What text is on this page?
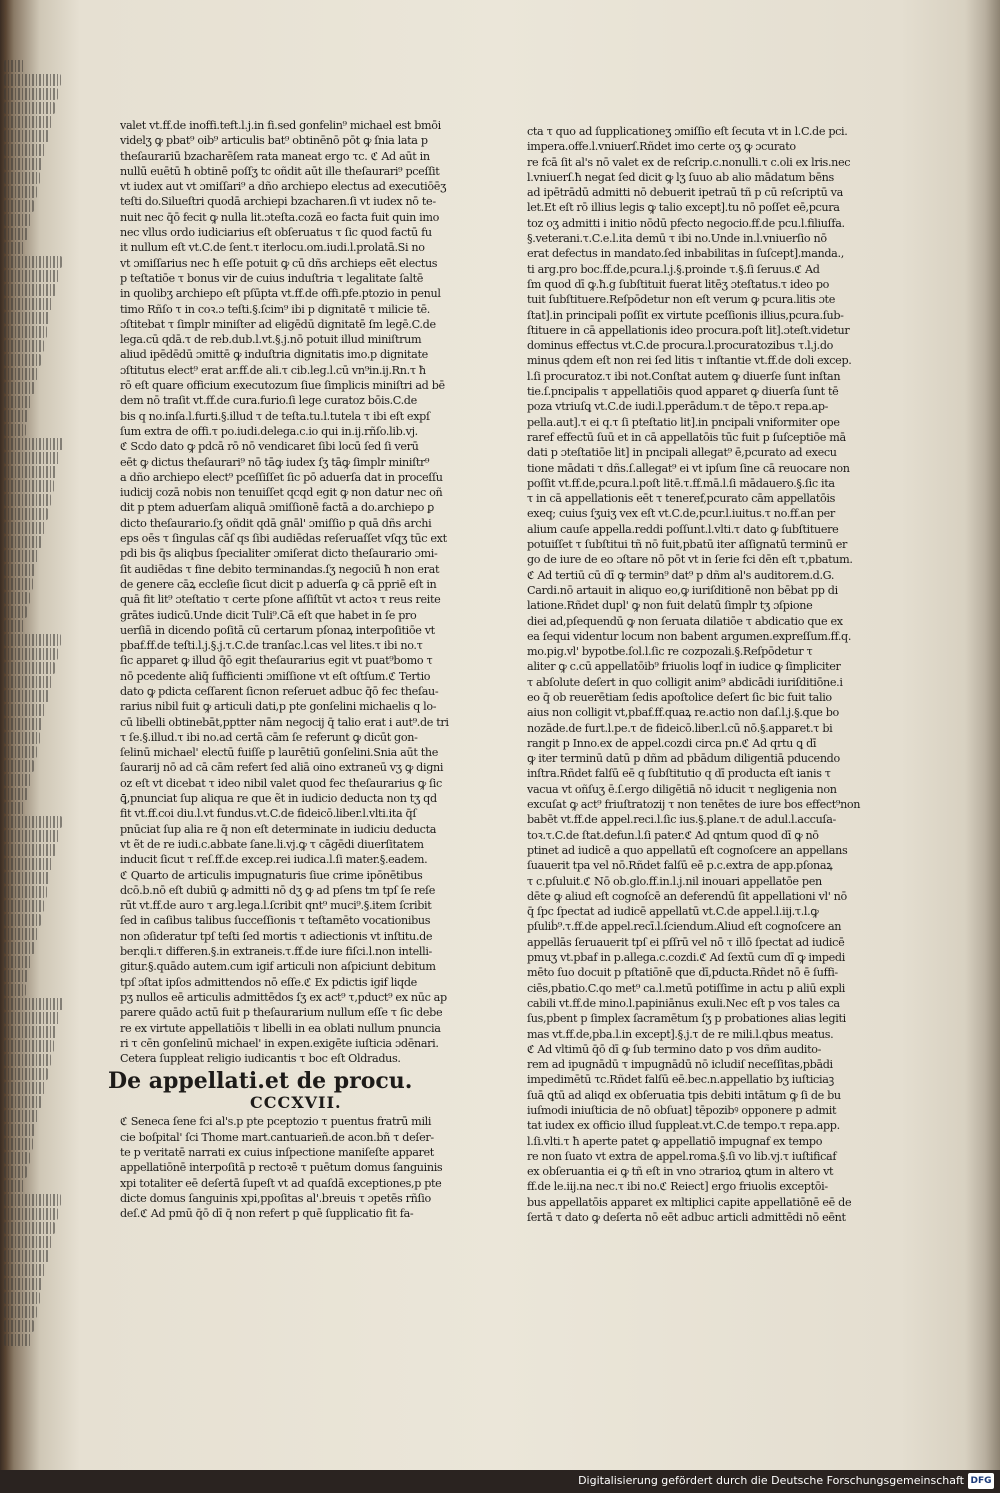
valet vt.ff.de inoffi.teft.l.j.in fi.sed gonfelin⁹ michael est bmōi
videlʒ ꝙ pbat⁹ oib⁹ articulis bat⁹ obtinēnō pōt ꝙ ſnia lata p
theſaurariū bzacharēſem rata maneat ergo τc. ℭ Ad aūt in
nullū euētū ħ obtinē poſſʒ tc oñdit aūt ille theſaurari⁹ pceſſit
vt iudex aut vt ɔmiſſari⁹ a dño archiepo electus ad executiōēʒ
teſti do.Silueſtri quodā archiepi bzacharen.ſi vt iudex nō te-
nuit nec q̄ō fecit ꝙ nulla lit.ɔteſta.cozā eo facta fuit quin imo
nec vllus ordo iudiciarius eſt obſeruatus τ ſic quod factū fu
it nullum eſt vt.C.de ſent.τ iterlocu.om.iudi.l.prolatā.Si no
vt ɔmiſſarius nec ħ eſſe potuit ꝙ cū dñs archieps eēt electus
p teſtatiōe τ bonus vir de cuius induſtria τ legalitate ſaltē
in quolibʒ archiepo eſt pſūpta vt.ff.de offi.pfe.ptozio in penul
timo Rñſo τ in coꝛ.ɔ teſti.§.ſcim⁹ ibi p dignitatē τ milicie tē.
ɔſtitebat τ ſimplr miniſter ad eligēdū dignitatē ſm legē.C.de
lega.cū qdā.τ de reb.dub.l.vt.§.j.nō potuit illud miniſtrum
aliud ipēdēdū ɔmittē ꝙ induſtria dignitatis imo.p dignitate
ɔſtitutus elect⁹ erat ar.ff.de ali.τ cib.leg.l.cū vn⁹in.ij.Rn.τ ħ
rō eſt quare officium executozum ſiue ſimplicis miniſtri ad bē
dem nō traſit vt.ff.de cura.furio.ſi lege curatoz bōis.C.de
bis q no.inſa.l.furti.§.illud τ de teſta.tu.l.tutela τ ibi eſt expſ
ſum extra de offi.τ po.iudi.delega.c.io qui in.ij.rñſo.lib.vj.
ℭ Scdo dato ꝙ pdcā rō nō vendicaret ſibi locū ſed ſi verū
eēt ꝙ dictus theſaurari⁹ nō tāꝙ iudex ſʒ tāꝙ ſimplr miniſtr⁹
a dño archiepo elect⁹ pceſſiſſet ſic pō aduerſa dat in proceſſu
iudicij cozā nobis non tenuiſſet qcqd egit ꝙ non datur nec oñ
dit p ptem aduerſam aliquā ɔmiſſionē factā a do.archiepo ꝑ
dicto theſaurario.ſʒ oñdit qdā gnāl' ɔmiſſio p quā dñs archi
eps oēs τ ſingulas cāſ qs ſibi audiēdas reſeruaſſet vſqʒ tūc ext
pdi bis q̄s aliqbus ſpecialiter ɔmiſerat dicto theſaurario ɔmi-
ſit audiēdas τ fine debito terminandas.ſʒ negociū ħ non erat
de genere cāꝝ eccleſie ſicut dicit p aduerſa ꝙ cā ppriē eſt in
quā fit lit⁹ ɔteſtatio τ certe pſone aſſiſtūt vt actoꝛ τ reus reite
grātes iudicū.Unde dicit Tuli⁹.Cā eſt que habet in ſe pro
uerſiā in dicendo poſitā cū certarum pſonaꝝ interpoſitiōe vt
pbaf.ff.de teſti.l.j.§.j.τ.C.de tranſac.l.cas vel lites.τ ibi no.τ
ſic apparet ꝙ illud q̄ō egit theſaurarius egit vt puat⁹bomo τ
nō pcedente aliq̄ ſufficienti ɔmiſſione vt eſt oſtſum.ℭ Tertio
dato ꝙ pdicta ceſſarent ſicnon reſeruet adbuc q̄ō fec theſau-
rarius nibil fuit ꝙ articuli dati,p pte gonſelini michaelis q lo-
cū libelli obtinebāt,pptter nām negocij q̄ talio erat i aut⁹.de tri
τ ſe.§.illud.τ ibi no.ad certā cām ſe referunt ꝙ dicūt gon-
ſelinū michael' electū fuiſſe p laurētiū gonſelini.Snia aūt the
ſaurarij nō ad cā cām refert ſed aliā oino extraneū vʒ ꝙ digni
oz eſt vt dicebat τ ideo nibil valet quod fec theſaurarius ꝙ ſic
ꝗ̄,pnunciat ſup aliqua re que ẽt in iudicio deducta non tʒ qd
fit vt.ff.coi diu.l.vt fundus.vt.C.de fideicō.liber.l.vlti.ita q̄ſ
pnūciat ſup alia re q̄ non eſt determinate in iudiciu deducta
vt ẽt de re iudi.c.abbate ſane.li.vj.ꝙ τ cāgēdi diuerſitatem
inducit ſicut τ reſ.ff.de excep.rei iudica.l.ſi mater.§.eadem.
ℭ Quarto de articulis impugnaturis ſiue crime ipōnētibus
dcō.b.nō eſt dubiū ꝙ admitti nō dʒ ꝙ ad pſens tm tpſ ſe reſe
rūt vt.ff.de auro τ arg.lega.l.ſcribit qnt⁹ muci⁹.§.item ſcribit
ſed in caſibus talibus ſucceſſionis τ teſtamēto vocationibus
non ɔſideratur tpſ teſti ſed mortis τ adiectionis vt inſtitu.de
ber.qli.τ differen.§.in extraneis.τ.ff.de iure fiſci.l.non intelli-
gitur.§.quādo autem.cum igif articuli non aſpiciunt debitum
tpſ ɔſtat ipſos admittendos nō eſſe.ℭ Ex pdictis igif liqde
pʒ nullos eē articulis admittēdos ſʒ ex act⁹ τ,pduct⁹ ex nūc ap
parere quādo actū fuit p theſaurarium nullum eſſe τ ſic debe
re ex virtute appellatiōis τ libelli in ea oblati nullum pnuncia
ri τ cēn gonſelinū michael' in expen.exigēte iuſticia ɔdēnari.
Cetera ſuppleat religio iudicantis τ boc eſt Oldradus.
De appellati.et de procu.
CCCXVII.
ℭ Seneca ſene fci al's.p pte pceptozio τ puentus fratrū mili
cie boſpital' ſci Thome mart.cantuarieñ.de acon.bñ τ deſer-
te p veritatē narrati ex cuius inſpectione maniſeſte apparet
appellatiōnē interpoſitā p rectoꝛē τ puētum domus ſanguinis
xpi totaliter eē deſertā ſupeſt vt ad quaſdā exceptiones,p pte
dicte domus ſanguinis xpi,ppoſitas al'.breuis τ ɔpetēs rñſio
deſ.ℭ Ad pmū q̄ō dī q̄ non refert p quē ſupplicatio fit fa-
cta τ quo ad ſupplicationeʒ ɔmiſſio eſt ſecuta vt in l.C.de pci.
impera.offe.l.vniuerſ.Rñdet imo certe oʒ ꝙ ɔcurato
re fcā ſit al's nō valet ex de reſcrip.c.nonulli.τ c.oli ex lris.nec
l.vniuerſ.ħ negat ſed dicit ꝙ lʒ ſuuo ab alio mādatum bēns
ad ipētrādū admitti nō debuerit ipetraū tñ p cū reſcriptū va
let.Et eſt rō illius legis ꝙ talio except].tu nō poſſet eē,pcura
toz oʒ admitti i initio nōdū pfecto negocio.ff.de pcu.l.filiuſfa.
§.veterani.τ.C.e.l.ita demū τ ibi no.Unde in.l.vniuerſio nō
erat defectus in mandato.ſed inbabilitas in ſuſcept].manda.,
ti arg.pro boc.ff.de,pcura.l.j.§.proinde τ.§.ſi ſeruus.ℭ Ad
ſm quod dī ꝙ.ħ.g ſubſtituit fuerat litēʒ ɔteſtatus.τ ideo po
tuit ſubſtituere.Reſpōdetur non eſt verum ꝙ pcura.litis ɔte
ſtat].in principali poſſit ex virtute pceſſionis illius,pcura.ſub-
ſtituere in cā appellationis ideo procura.poſt lit].ɔteſt.videtur
dominus effectus vt.C.de procura.l.procuratozibus τ.l.j.do
minus qdem eſt non rei ſed litis τ inſtantie vt.ff.de doli excep.
l.ſi procuratoz.τ ibi not.Conſtat autem ꝙ diuerſe ſunt inſtan
tie.ſ.pncipalis τ appellatiōis quod apparet ꝙ diuerſa ſunt tē
poza vtriuſꝗ vt.C.de iudi.l.pperādum.τ de tēpo.τ repa.ap-
pella.aut].τ ei q.τ ſi pteſtatio lit].in pncipali vniformiter ope
raref effectū ſuū et in cā appellatōis tūc fuit p ſuſceptiōe mā
dati p ɔteſtatiōe lit] in pncipali allegat⁹ ē,pcurato ad execu
tione mādati τ dñs.ſ.allegat⁹ ei vt ipſum ſine cā reuocare non
poſſit vt.ff.de,pcura.l.poſt litē.τ.ff.mā.l.ſi mādauero.§.ſic ita
τ in cā appellationis eēt τ teneref,pcurato cām appellatōis
exeq; cuius ſʒuiʒ vex eſt vt.C.de,pcur.l.iuitus.τ no.ff.an per
alium cauſe appella.reddi poſſunt.l.vlti.τ dato ꝙ ſubſtituere
potuiſſet τ ſubſtitui tñ nō fuit,pbatū iter aſſignatū terminū er
go de iure de eo ɔſtare nō pōt vt in ſerie fci dēn eſt τ,pbatum.
ℭ Ad tertiū cū dī ꝙ termin⁹ dat⁹ p dñm al's auditorem.d.G.
Cardi.nō artauit in aliquo eo,ꝙ iuriſditionē non bēbat pp di
latione.Rñdet dupl' ꝙ non fuit delatū ſimplr tʒ ɔſpione
diei ad,pſequendū ꝙ non ſeruata dilatiōe τ abdicatio que ex
ea ſequi videntur locum non babent argumen.expreſſum.ff.q.
mo.pig.vl' bypotbe.ſol.l.ſic re cozpozali.§.Reſpōdetur τ
aliter ꝙ c.cū appellatōib⁹ friuolis loqf in iudice ꝙ ſimpliciter
τ abſolute deſert in quo colligit anim⁹ abdicādi iuriſditiōne.i
eo q̄ ob reuerētiam ſedis apoſtolice deſert ſic bic fuit talio
aius non colligit vt,pbaf.ff.quaꝝ re.actio non daſ.l.j.§.que bo
nozāde.de furt.l.pe.τ de fideicō.liber.l.cū nō.§.apparet.τ bi
rangit p Inno.ex de appel.cozdi circa pn.ℭ Ad qrtu ꝗ dī
ꝙ iter terminū datū p dñm ad pbādum diligentiā pducendo
inſtra.Rñdet falſū eē q ſubſtitutio q dī producta eſt ianis τ
vacua vt oñſuʒ ē.ſ.ergo diligētiā nō iducit τ negligenia non
excuſat ꝙ act⁹ friuſtratozij τ non tenētes de iure bos effect⁹non
babēt vt.ff.de appel.reci.l.ſic ius.§.plane.τ de adul.l.accuſa-
toꝛ.τ.C.de ſtat.defun.l.ſi pater.ℭ Ad qntum quod dī ꝙ nō
ptinet ad iudicē a quo appellatū eſt cognoſcere an appellans
ſuauerit tpa vel nō.Rñdet falſū eē p.c.extra de app.pſonaꝝ
τ c.pſuluit.ℭ Nō ob.glo.ff.in.l.j.nil inouari appellatōe pen
dēte ꝙ aliud eſt cognoſcē an deferendū ſit appellationi vl' nō
q̄ ſpc ſpectat ad iudicē appellatū vt.C.de appel.l.iij.τ.l.ꝙ
pſuliḃ⁹.τ.ff.de appel.recī.l.ſciendum.Aliud eſt cognoſcere an
appellās ſeruauerit tpſ ei pſſrū vel nō τ illō ſpectat ad iudicē
pmuʒ vt.pbaf in p.allega.c.cozdi.ℭ Ad ſextū cum dī ꝙ impedi
mēto ſuo docuit p pſtatiōnē que dī,pducta.Rñdet nō ē ſuffi-
ciēs,pbatio.C.qo met⁹ ca.l.metū potiſſime in actu p aliū expli
cabili vt.ff.de mino.l.papiniānus exuli.Nec eſt p vos tales ca
ſus,pbent p ſimplex ſacramētum ſʒ p probationes alias legiti
mas vt.ff.de,pba.l.in except].§.j.τ de re mili.l.qbus meatus.
ℭ Ad vltimū q̄ō dī ꝙ ſub termino dato p vos dñm audito-
rem ad ipugnādū τ impugnādū nō icludiſ neceſſitas,pbādi
impedimētū τc.Rñdet falſū eē.bec.n.appellatio bʒ iuſticiaꝫ
ſuā ꝗtū ad aliqd ex obſeruatia tpis debiti intātum ꝙ ſi de bu
iuſmodi iniuſticia de nō obſuat] tēpozibꝰ opponere p admit
tat iudex ex officio illud ſuppleat.vt.C.de tempo.τ repa.app.
l.ſi.vlti.τ ħ aperte patet ꝙ appellatiō impugnaf ex tempo
re non ſuato vt extra de appel.roma.§.ſi vo lib.vj.τ iuſtificaf
ex obſeruantia ei ꝙ tñ eſt in vno ɔtrarioꝝ ꝗtum in altero vt
ff.de le.iij.na nec.τ ibi no.ℭ Reiect] ergo friuolis exceptōi-
bus appellatōis apparet ex mltiplici capite appellatiōnē eē de
ſertā τ dato ꝙ deſerta nō eēt adbuc articli admittēdi nō eēnt
Digitalisierung gefördert durch die Deutsche Forschungsgemeinschaft DFG
